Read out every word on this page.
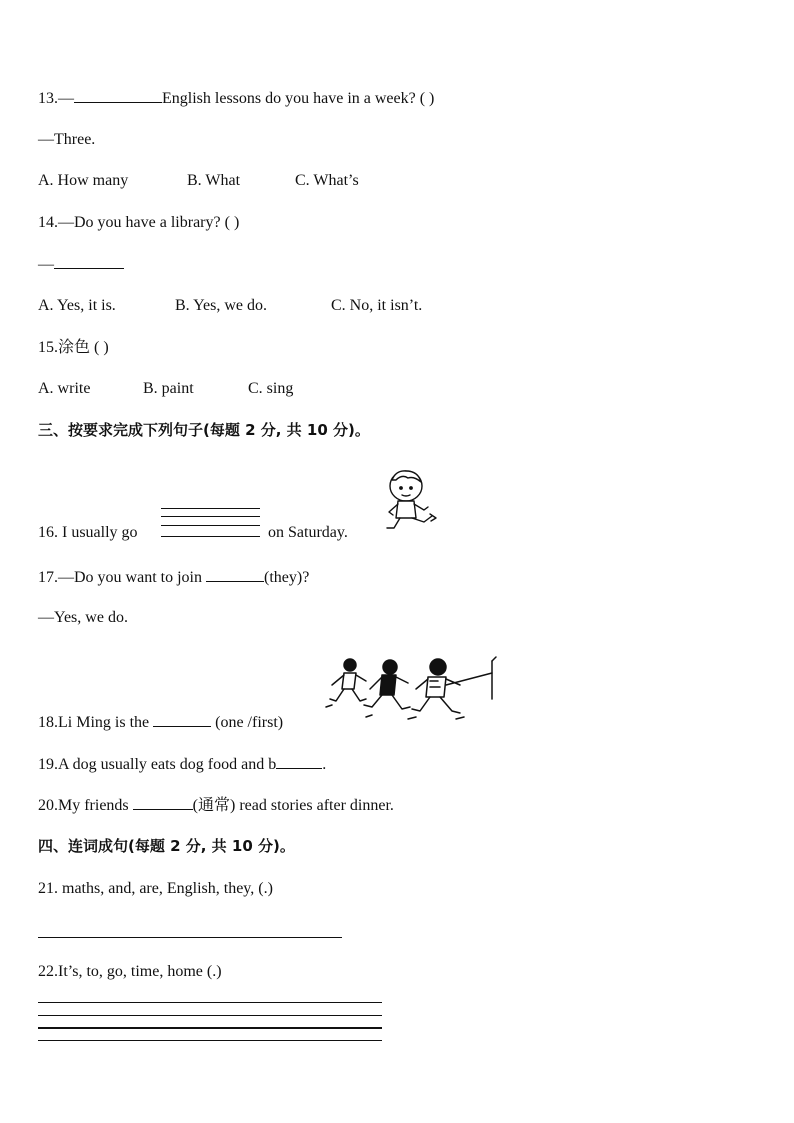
13.—	English lessons do you have in a week? ( )
—Three.
A. How many	B. What	C. What’s
14.—Do you have a library? ( )
—
A. Yes, it is.	B. Yes, we do.	C. No, it isn’t.
15.涂色 ( )
A. write	B. paint	C. sing
三、按要求完成下列句子(每题 2 分, 共 10 分)。
16. I usually go	on Saturday.
17.—Do you want to join	(they)?
—Yes, we do.
18.Li Ming is the	(one /first)
19.A dog usually eats dog food and b	.
20.My friends	(通常) read stories after dinner.
四、连词成句(每题 2 分, 共 10 分)。
21. maths, and, are, English, they, (.)
22.It’s, to, go, time, home (.)
